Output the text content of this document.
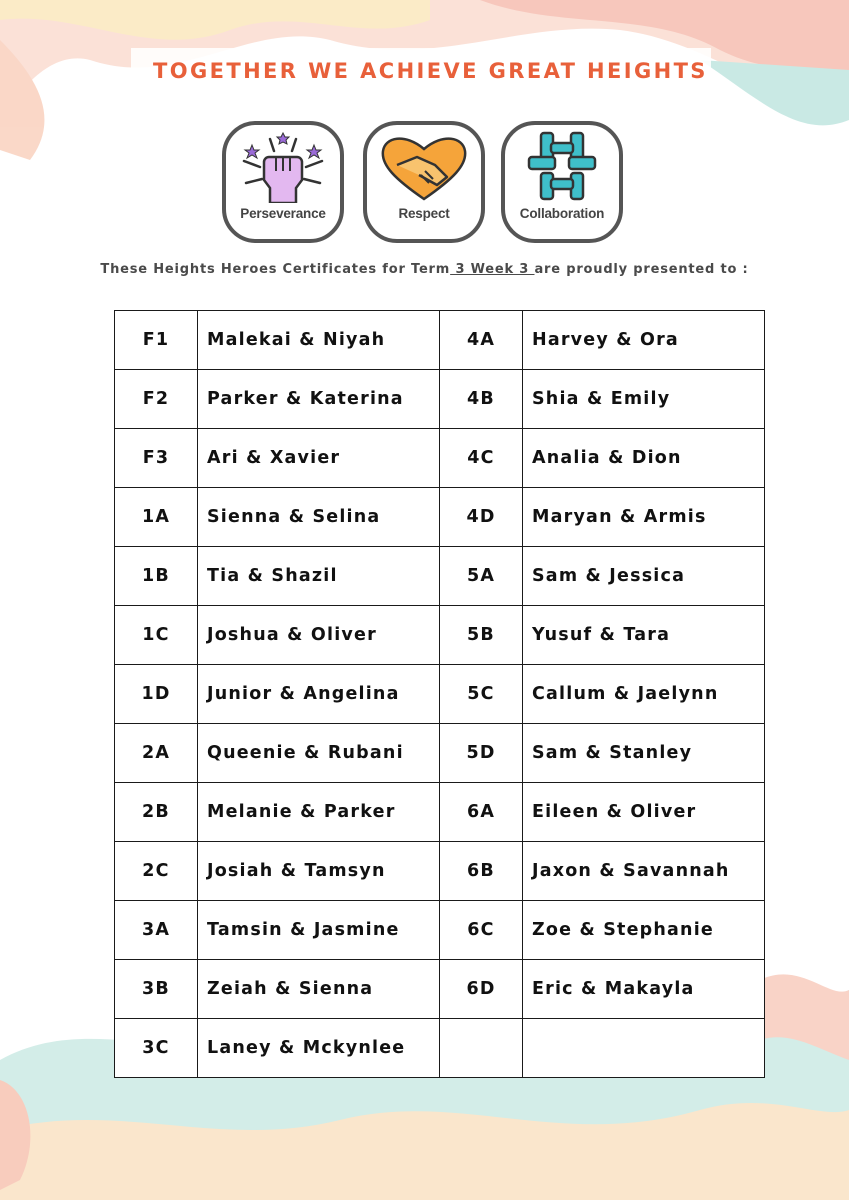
TOGETHER WE ACHIEVE GREAT HEIGHTS
Perseverance	Respect	Collaboration
These Heights Heroes Certificates for Term 3 Week 3 are proudly presented to :
F1	Malekai & Niyah	4A	Harvey & Ora
F2	Parker & Katerina	4B	Shia & Emily
F3	Ari & Xavier	4C	Analia & Dion
1A	Sienna & Selina	4D	Maryan & Armis
1B	Tia & Shazil	5A	Sam & Jessica
1C	Joshua & Oliver	5B	Yusuf & Tara
1D	Junior & Angelina	5C	Callum & Jaelynn
2A	Queenie & Rubani	5D	Sam & Stanley
2B	Melanie & Parker	6A	Eileen & Oliver
2C	Josiah & Tamsyn	6B	Jaxon & Savannah
3A	Tamsin & Jasmine	6C	Zoe & Stephanie
3B	Zeiah & Sienna	6D	Eric & Makayla
3C	Laney & Mckynlee		
